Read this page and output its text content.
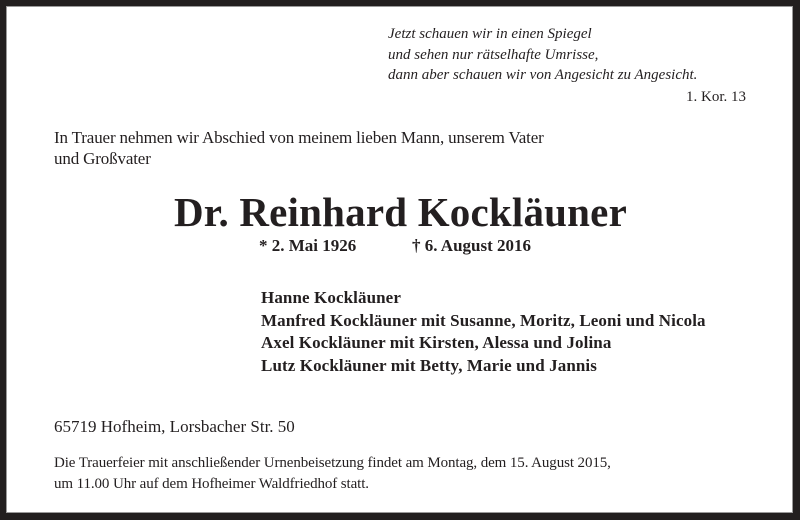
Jetzt schauen wir in einen Spiegel
und sehen nur rätselhafte Umrisse,
dann aber schauen wir von Angesicht zu Angesicht.
1. Kor. 13
In Trauer nehmen wir Abschied von meinem lieben Mann, unserem Vater
und Großvater
Dr. Reinhard Kockläuner
* 2. Mai 1926	† 6. August 2016
Hanne Kockläuner
Manfred Kockläuner mit Susanne, Moritz, Leoni und Nicola
Axel Kockläuner mit Kirsten, Alessa und Jolina
Lutz Kockläuner mit Betty, Marie und Jannis
65719 Hofheim, Lorsbacher Str. 50
Die Trauerfeier mit anschließender Urnenbeisetzung findet am Montag, dem 15. August 2015,
um 11.00 Uhr auf dem Hofheimer Waldfriedhof statt.
